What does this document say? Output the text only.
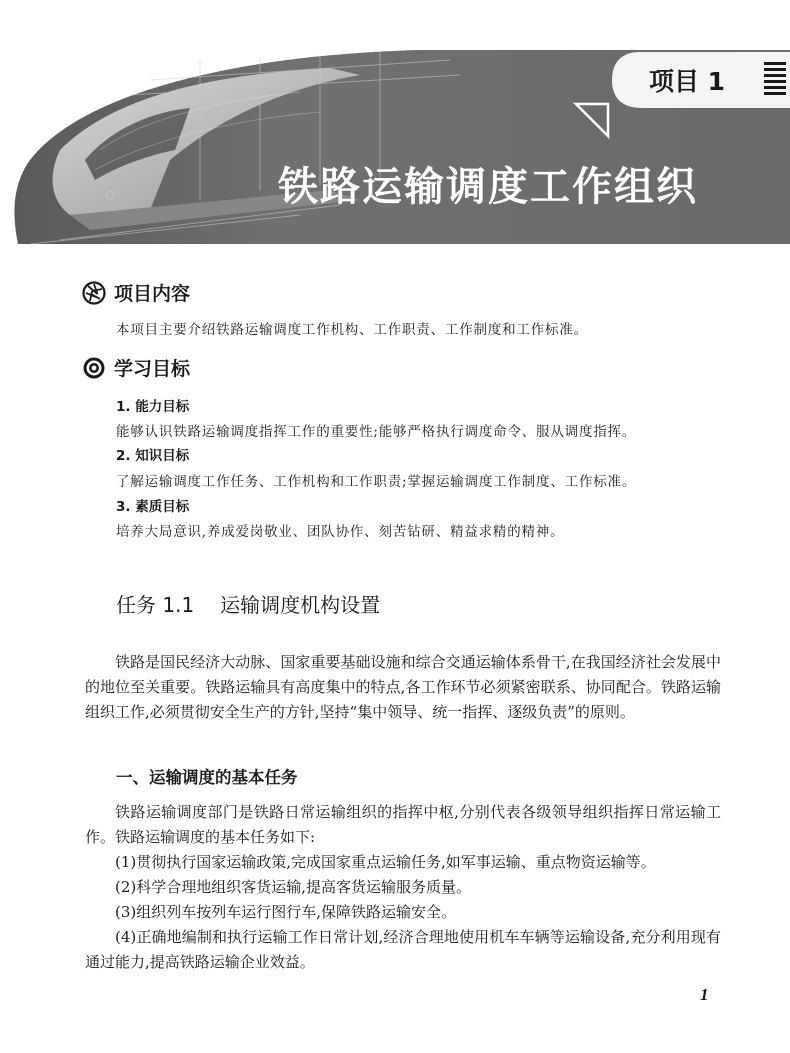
项目 1
铁路运输调度工作组织
项目内容
本项目主要介绍铁路运输调度工作机构、工作职责、工作制度和工作标准。
学习目标
1. 能力目标
能够认识铁路运输调度指挥工作的重要性;能够严格执行调度命令、服从调度指挥。
2. 知识目标
了解运输调度工作任务、工作机构和工作职责;掌握运输调度工作制度、工作标准。
3. 素质目标
培养大局意识,养成爱岗敬业、团队协作、刻苦钻研、精益求精的精神。
任务 1.1 运输调度机构设置

铁路是国民经济大动脉、国家重要基础设施和综合交通运输体系骨干,在我国经济社会发展中的地位至关重要。铁路运输具有高度集中的特点,各工作环节必须紧密联系、协同配合。铁路运输组织工作,必须贯彻安全生产的方针,坚持“集中领导、统一指挥、逐级负责”的原则。

一、运输调度的基本任务

铁路运输调度部门是铁路日常运输组织的指挥中枢,分别代表各级领导组织指挥日常运输工作。铁路运输调度的基本任务如下:

(1)贯彻执行国家运输政策,完成国家重点运输任务,如军事运输、重点物资运输等。

(2)科学合理地组织客货运输,提高客货运输服务质量。

(3)组织列车按列车运行图行车,保障铁路运输安全。

(4)正确地编制和执行运输工作日常计划,经济合理地使用机车车辆等运输设备,充分利用现有通过能力,提高铁路运输企业效益。

1
